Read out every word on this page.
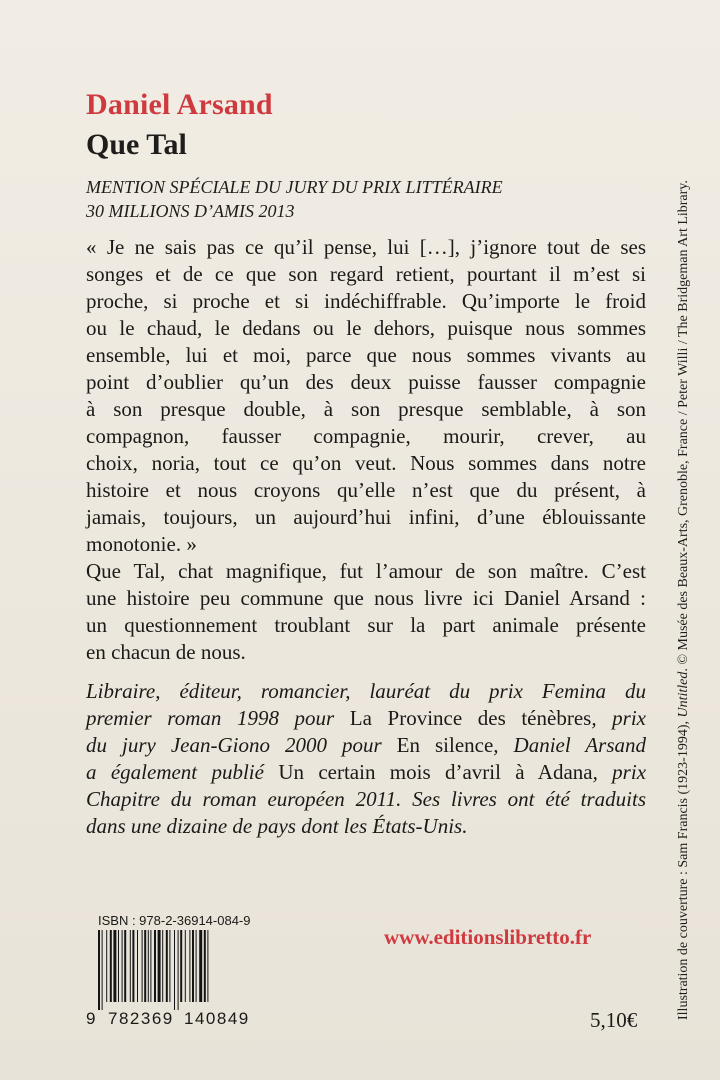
Daniel Arsand
Que Tal
MENTION SPÉCIALE DU JURY DU PRIX LITTÉRAIRE
30 MILLIONS D’AMIS 2013
« Je ne sais pas ce qu’il pense, lui […], j’ignore tout de ses
songes et de ce que son regard retient, pourtant il m’est si
proche, si proche et si indéchiffrable. Qu’importe le froid
ou le chaud, le dedans ou le dehors, puisque nous sommes
ensemble, lui et moi, parce que nous sommes vivants au
point d’oublier qu’un des deux puisse fausser compagnie
à son presque double, à son presque semblable, à son
compagnon, fausser compagnie, mourir, crever, au
choix, noria, tout ce qu’on veut. Nous sommes dans notre
histoire et nous croyons qu’elle n’est que du présent, à
jamais, toujours, un aujourd’hui infini, d’une éblouissante
monotonie. »
Que Tal, chat magnifique, fut l’amour de son maître. C’est
une histoire peu commune que nous livre ici Daniel Arsand :
un questionnement troublant sur la part animale présente
en chacun de nous.
Libraire, éditeur, romancier, lauréat du prix Femina du
premier roman 1998 pour La Province des ténèbres, prix
du jury Jean-Giono 2000 pour En silence, Daniel Arsand
a également publié Un certain mois d’avril à Adana, prix
Chapitre du roman européen 2011. Ses livres ont été traduits
dans une dizaine de pays dont les États-Unis.
ISBN : 978-2-36914-084-9
9 782369 140849
www.editionslibretto.fr
5,10€	Illustration de couverture : Sam Francis (1923-1994), Untitled. © Musée des Beaux-Arts, Grenoble, France / Peter Willi / The Bridgeman Art Library.
